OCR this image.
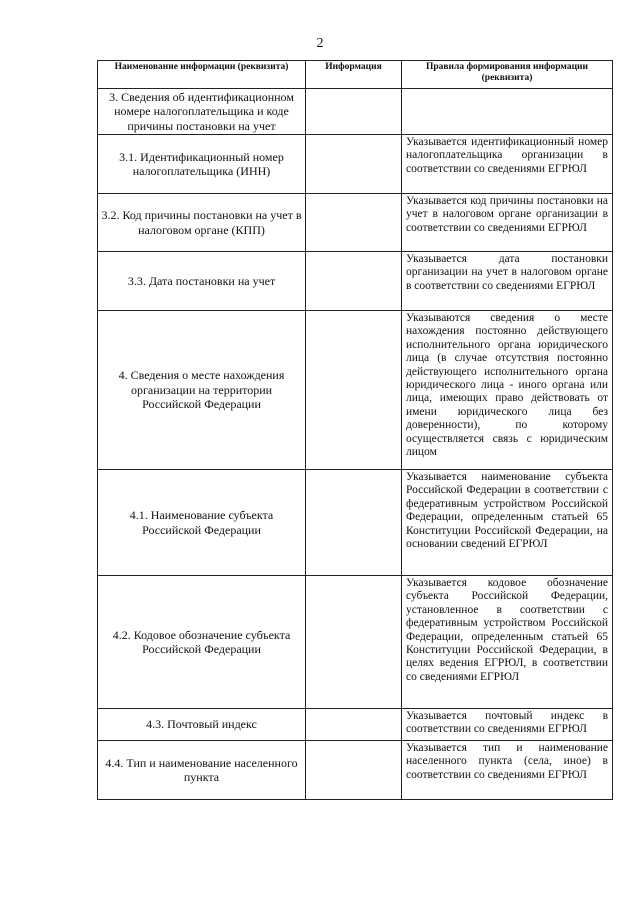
2
Наименование информации (реквизита)	Информация	Правила формирования информации (реквизита)
3. Сведения об идентификационном номере налогоплательщика и коде причины постановки на учет		
3.1. Идентификационный номер налогоплательщика (ИНН)		Указывается идентификационный номер налогоплательщика организации в соответствии со сведениями ЕГРЮЛ
3.2. Код причины постановки на учет в налоговом органе (КПП)		Указывается код причины постановки на учет в налоговом органе организации в соответствии со сведениями ЕГРЮЛ
3.3. Дата постановки на учет		Указывается дата постановки организации на учет в налоговом органе в соответствии со сведениями ЕГРЮЛ
4. Сведения о месте нахождения организации на территории Российской Федерации		Указываются сведения о месте нахождения постоянно действующего исполнительного органа юридического лица (в случае отсутствия постоянно действующего исполнительного органа юридического лица - иного органа или лица, имеющих право действовать от имени юридического лица без доверенности), по которому осуществляется связь с юридическим лицом
4.1. Наименование субъекта Российской Федерации		Указывается наименование субъекта Российской Федерации в соответствии с федеративным устройством Российской Федерации, определенным статьей 65 Конституции Российской Федерации, на основании сведений ЕГРЮЛ
4.2. Кодовое обозначение субъекта Российской Федерации		Указывается кодовое обозначение субъекта Российской Федерации, установленное в соответствии с федеративным устройством Российской Федерации, определенным статьей 65 Конституции Российской Федерации, в целях ведения ЕГРЮЛ, в соответствии со сведениями ЕГРЮЛ
4.3. Почтовый индекс		Указывается почтовый индекс в соответствии со сведениями ЕГРЮЛ
4.4. Тип и наименование населенного пункта		Указывается тип и наименование населенного пункта (села, иное) в соответствии со сведениями ЕГРЮЛ
